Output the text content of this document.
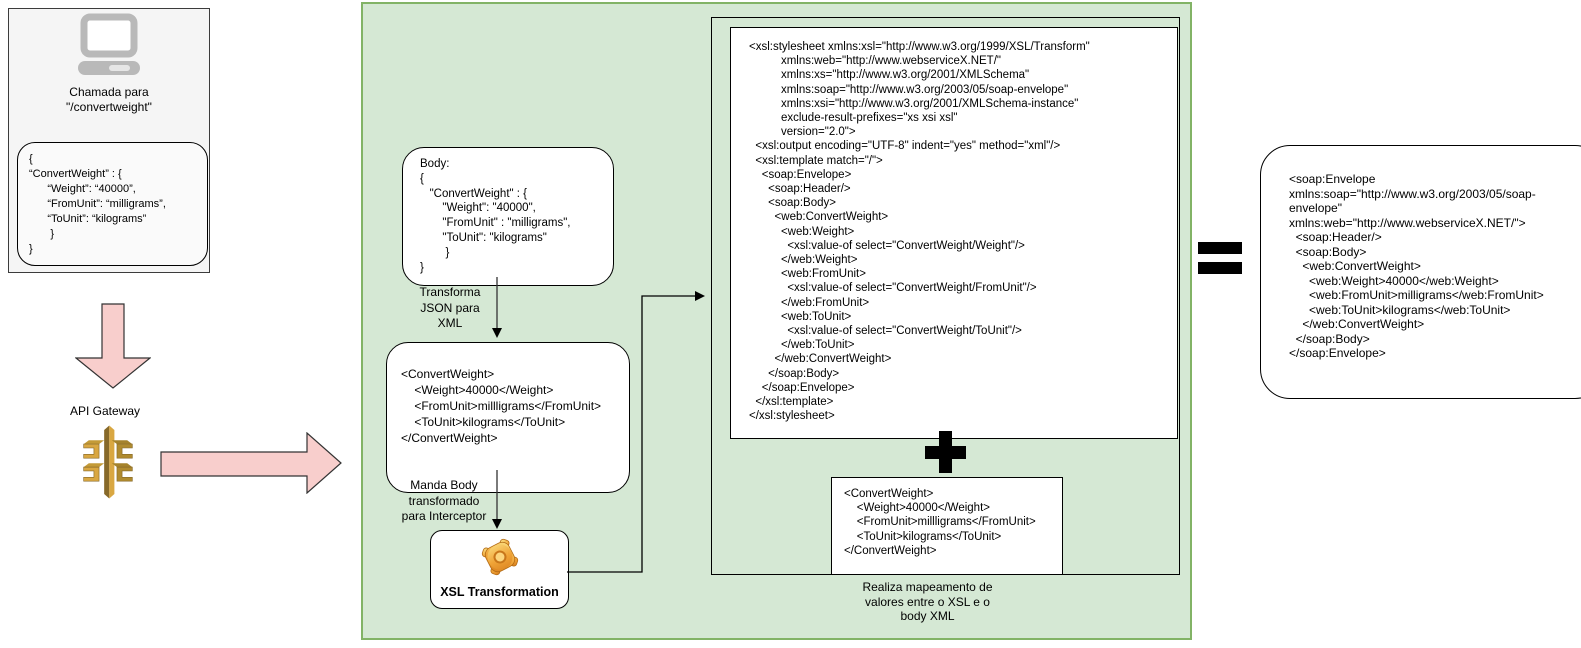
Chamada para
"/convertweight"
{
“ConvertWeight” : {
“Weight”: “40000”,
“FromUnit”: “milligrams”,
“ToUnit”: “kilograms”
}
}
API Gateway
Body:
{
"ConvertWeight" : {
"Weight": "40000",
"FromUnit" : "milligrams",
"ToUnit": "kilograms"
}
}
Transforma
JSON para
XML
<ConvertWeight>
<Weight>40000</Weight>
<FromUnit>millligrams</FromUnit>
<ToUnit>kilograms</ToUnit>
</ConvertWeight>
Manda Body
transformado
para Interceptor
XSL Transformation
<xsl:stylesheet xmlns:xsl="http://www.w3.org/1999/XSL/Transform"
xmlns:web="http://www.webserviceX.NET/"
xmlns:xs="http://www.w3.org/2001/XMLSchema"
xmlns:soap="http://www.w3.org/2003/05/soap-envelope"
xmlns:xsi="http://www.w3.org/2001/XMLSchema-instance"
exclude-result-prefixes="xs xsi xsl"
version="2.0">
<xsl:output encoding="UTF-8" indent="yes" method="xml"/>
<xsl:template match="/">
<soap:Envelope>
<soap:Header/>
<soap:Body>
<web:ConvertWeight>
<web:Weight>
<xsl:value-of select="ConvertWeight/Weight"/>
</web:Weight>
<web:FromUnit>
<xsl:value-of select="ConvertWeight/FromUnit"/>
</web:FromUnit>
<web:ToUnit>
<xsl:value-of select="ConvertWeight/ToUnit"/>
</web:ToUnit>
</web:ConvertWeight>
</soap:Body>
</soap:Envelope>
</xsl:template>
</xsl:stylesheet>
<ConvertWeight>
<Weight>40000</Weight>
<FromUnit>millligrams</FromUnit>
<ToUnit>kilograms</ToUnit>
</ConvertWeight>
Realiza mapeamento de
valores entre o XSL e o
body XML
<soap:Envelope
xmlns:soap="http://www.w3.org/2003/05/soap-
envelope"
xmlns:web="http://www.webserviceX.NET/">
<soap:Header/>
<soap:Body>
<web:ConvertWeight>
<web:Weight>40000</web:Weight>
<web:FromUnit>milligrams</web:FromUnit>
<web:ToUnit>kilograms</web:ToUnit>
</web:ConvertWeight>
</soap:Body>
</soap:Envelope>
